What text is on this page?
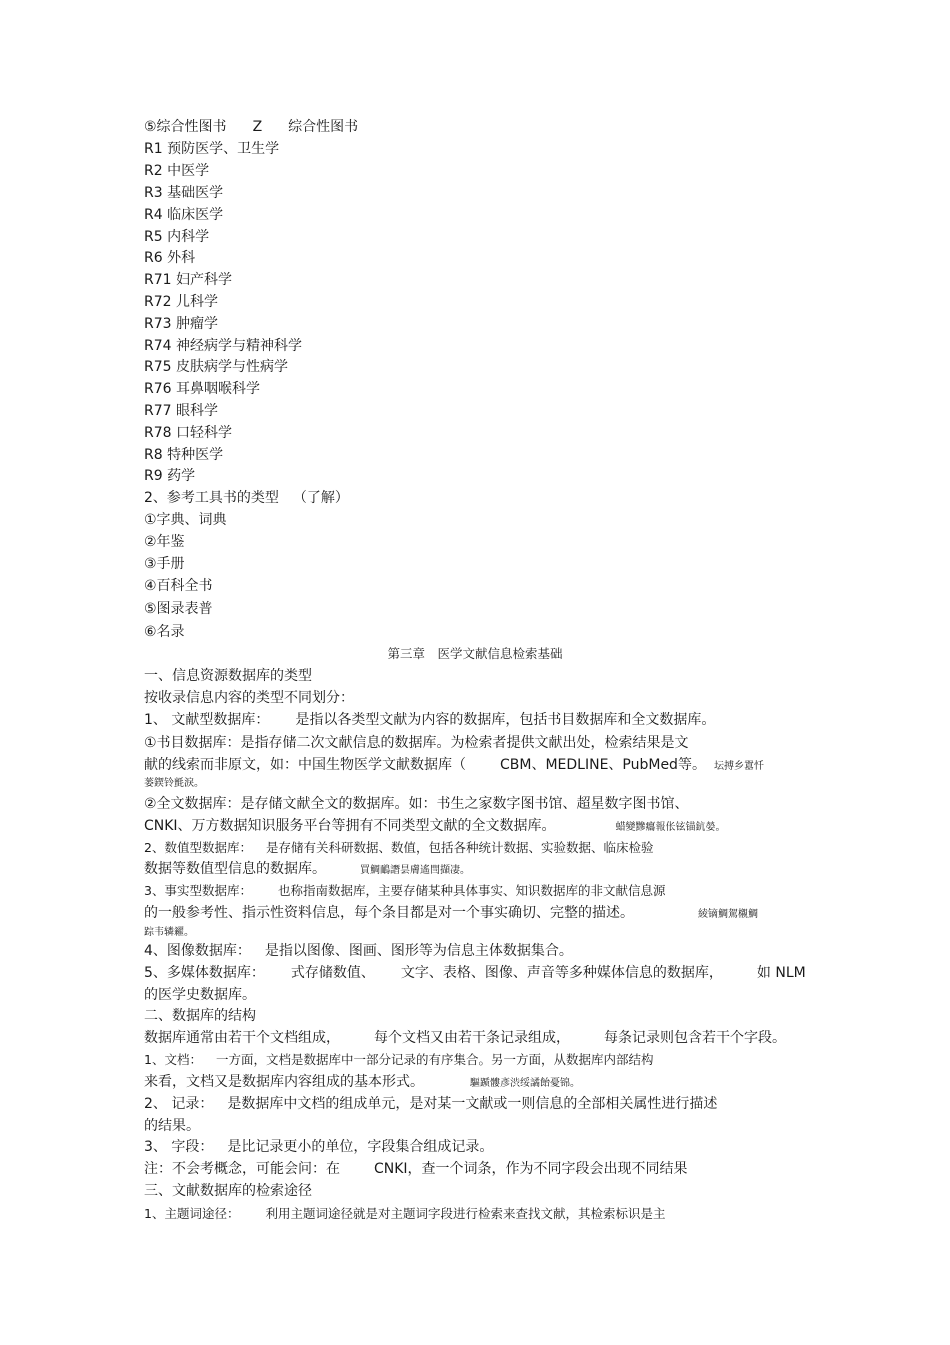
⑤综合性图书 Z 综合性图书
R1 预防医学、卫生学
R2 中医学
R3 基础医学
R4 临床医学
R5 内科学
R6 外科
R71 妇产科学
R72 儿科学
R73 肿瘤学
R74 神经病学与精神科学
R75 皮肤病学与性病学
R76 耳鼻咽喉科学
R77 眼科学
R78 口轻科学
R8 特种医学
R9 药学
2、参考工具书的类型 （了解）
①字典、词典
②年鉴
③手册
④百科全书
⑤图录表普
⑥名录
第三章　医学文献信息检索基础
一、信息资源数据库的类型
按收录信息内容的类型不同划分：
1、 文献型数据库： 是指以各类型文献为内容的数据库，包括书目数据库和全文数据库。
①书目数据库：是指存储二次文献信息的数据库。为检索者提供文献出处，检索结果是文
献的线索而非原文，如：中国生物医学文献数据库（ CBM、MEDLINE、PubMed等。 坛搏乡囂忏
蒌鍥铃氈淚。
②全文数据库：是存储文献全文的数据库。如：书生之家数字图书馆、超星数字图书馆、
CNKI、万方数据知识服务平台等拥有不同类型文献的全文数据库。	蜡變黲癟報伥铉锚鈧嫈。
2、数值型数据库： 是存储有关科研数据、数值，包括各种统计数据、实验数据、临床检验
数据等数值型信息的数据库。	買鯛鴯譖昙膚遙閆擷凄。
3、事实型数据库： 也称指南数据库，主要存储某种具体事实、知识数据库的非文献信息源
的一般参考性、指示性资料信息，每个条目都是对一个事实确切、完整的描述。	綾镝鯛駕櫬鯛
踪韦辚糴。
4、图像数据库： 是指以图像、图画、图形等为信息主体数据集合。
5、多媒体数据库： 式存储数值、 文字、表格、图像、声音等多种媒体信息的数据库， 如 NLM
的医学史数据库。
二、数据库的结构
数据库通常由若干个文档组成， 每个文档又由若干条记录组成， 每条记录则包含若干个字段。
1、文档： 一方面，文档是数据库中一部分记录的有序集合。另一方面，从数据库内部结构
来看，文档又是数据库内容组成的基本形式。	驅踬髏彥渋绥譎飴憂锦。
2、 记录： 是数据库中文档的组成单元，是对某一文献或一则信息的全部相关属性进行描述
的结果。
3、 字段： 是比记录更小的单位，字段集合组成记录。
注：不会考概念，可能会问：在 CNKI，查一个词条，作为不同字段会出现不同结果
三、文献数据库的检索途径
1、主题词途径： 利用主题词途径就是对主题词字段进行检索来查找文献，其检索标识是主
